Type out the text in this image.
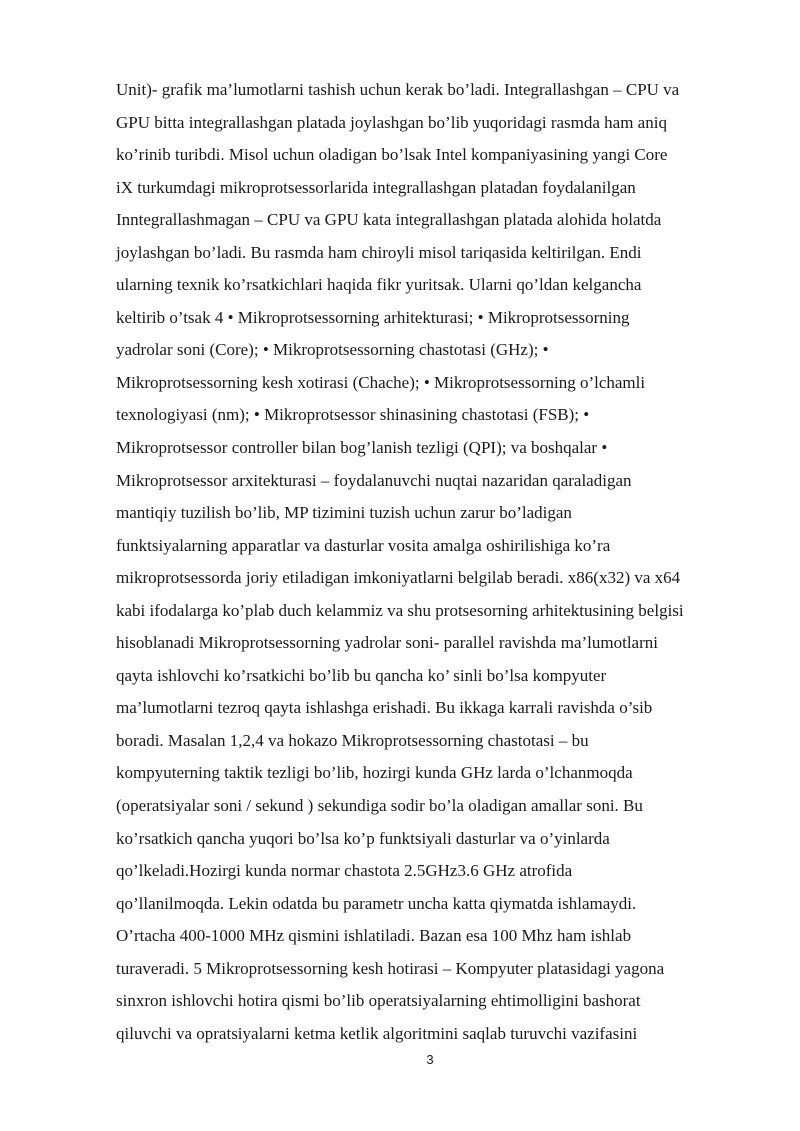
Unit)- grafik ma’lumotlarni tashish uchun kerak bo’ladi. Integrallashgan – CPU va
GPU bitta integrallashgan platada joylashgan bo’lib yuqoridagi rasmda ham aniq
ko’rinib turibdi. Misol uchun oladigan bo’lsak Intel kompaniyasining yangi Core
iX turkumdagi mikroprotsessorlarida integrallashgan platadan foydalanilgan
Inntegrallashmagan – CPU va GPU kata integrallashgan platada alohida holatda
joylashgan bo’ladi. Bu rasmda ham chiroyli misol tariqasida keltirilgan. Endi
ularning texnik ko’rsatkichlari haqida fikr yuritsak. Ularni qo’ldan kelgancha
keltirib o’tsak 4 • Mikroprotsessorning arhitekturasi; • Mikroprotsessorning
yadrolar soni (Core); • Mikroprotsessorning chastotasi (GHz); •
Mikroprotsessorning kesh xotirasi (Chache); • Mikroprotsessorning o’lchamli
texnologiyasi (nm); • Mikroprotsessor shinasining chastotasi (FSB); •
Mikroprotsessor controller bilan bog’lanish tezligi (QPI); va boshqalar •
Mikroprotsessor arxitekturasi – foydalanuvchi nuqtai nazaridan qaraladigan
mantiqiy tuzilish bo’lib, MP tizimini tuzish uchun zarur bo’ladigan
funktsiyalarning apparatlar va dasturlar vosita amalga oshirilishiga ko’ra
mikroprotsessorda joriy etiladigan imkoniyatlarni belgilab beradi. x86(x32) va x64
kabi ifodalarga ko’plab duch kelammiz va shu protsesorning arhitektusining belgisi
hisoblanadi Mikroprotsessorning yadrolar soni- parallel ravishda ma’lumotlarni
qayta ishlovchi ko’rsatkichi bo’lib bu qancha ko’ sinli bo’lsa kompyuter
ma’lumotlarni tezroq qayta ishlashga erishadi. Bu ikkaga karrali ravishda o’sib
boradi. Masalan 1,2,4 va hokazo Mikroprotsessorning chastotasi – bu
kompyuterning taktik tezligi bo’lib, hozirgi kunda GHz larda o’lchanmoqda
(operatsiyalar soni / sekund ) sekundiga sodir bo’la oladigan amallar soni. Bu
ko’rsatkich qancha yuqori bo’lsa ko’p funktsiyali dasturlar va o’yinlarda
qo’lkeladi.Hozirgi kunda normar chastota 2.5GHz3.6 GHz atrofida
qo’llanilmoqda. Lekin odatda bu parametr uncha katta qiymatda ishlamaydi.
O’rtacha 400-1000 MHz qismini ishlatiladi. Bazan esa 100 Mhz ham ishlab
turaveradi. 5 Mikroprotsessorning kesh hotirasi – Kompyuter platasidagi yagona
sinxron ishlovchi hotira qismi bo’lib operatsiyalarning ehtimolligini bashorat
qiluvchi va opratsiyalarni ketma ketlik algoritmini saqlab turuvchi vazifasini
3
